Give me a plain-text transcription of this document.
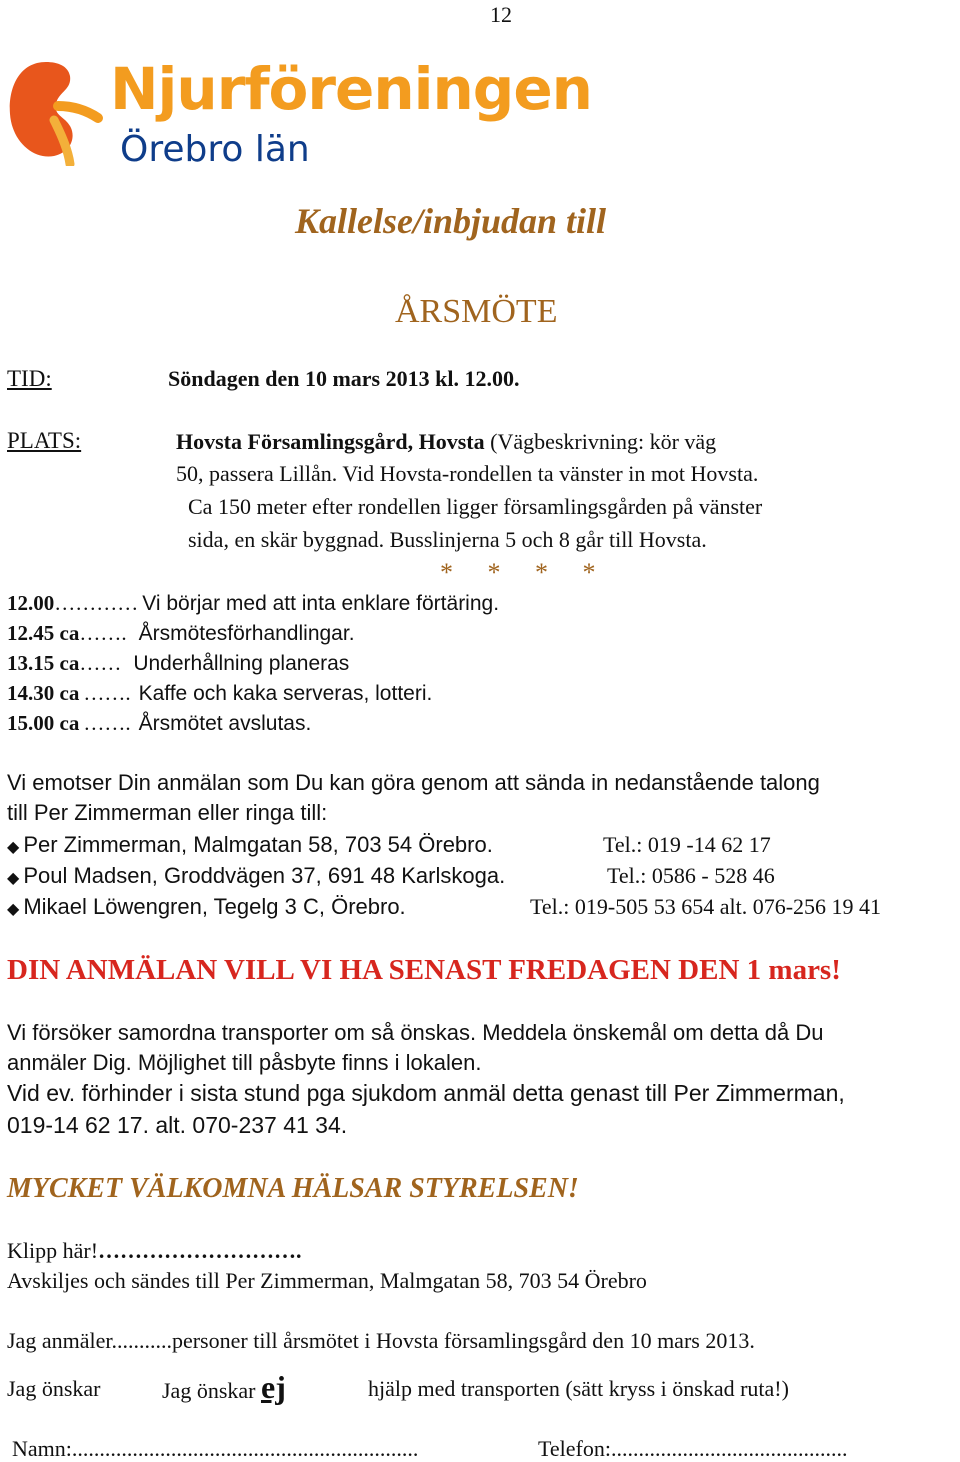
12
Njurföreningen
Örebro län
Kallelse/inbjudan till
ÅRSMÖTE
TID:	Söndagen den 10 mars 2013 kl. 12.00.
PLATS:	Hovsta Församlingsgård, Hovsta (Vägbeskrivning: kör väg
50, passera Lillån. Vid Hovsta-rondellen ta vänster in mot Hovsta.
Ca 150 meter efter rondellen ligger församlingsgården på vänster
sida, en skär byggnad. Busslinjerna 5 och 8 går till Hovsta.
* * * *
12.00………… Vi börjar med att inta enklare förtäring.
12.45 ca……. Årsmötesförhandlingar.
13.15 ca…… Underhållning planeras
14.30 ca ……. Kaffe och kaka serveras, lotteri.
15.00 ca ……. Årsmötet avslutas.
Vi emotser Din anmälan som Du kan göra genom att sända in nedanstående talong
till Per Zimmerman eller ringa till:
◆ Per Zimmerman, Malmgatan 58, 703 54 Örebro.	Tel.: 019 -14 62 17
◆ Poul Madsen, Groddvägen 37, 691 48 Karlskoga.	Tel.: 0586 - 528 46
◆ Mikael Löwengren, Tegelg 3 C, Örebro.	Tel.: 019-505 53 654 alt. 076-256 19 41
DIN ANMÄLAN VILL VI HA SENAST FREDAGEN DEN 1 mars!
Vi försöker samordna transporter om så önskas. Meddela önskemål om detta då Du
anmäler Dig. Möjlighet till påsbyte finns i lokalen.
Vid ev. förhinder i sista stund pga sjukdom anmäl detta genast till Per Zimmerman,
019-14 62 17. alt. 070-237 41 34.
MYCKET VÄLKOMNA HÄLSAR STYRELSEN!
Klipp här!……………………….
Avskiljes och sändes till Per Zimmerman, Malmgatan 58, 703 54 Örebro
Jag anmäler...........personer till årsmötet i Hovsta församlingsgård den 10 mars 2013.
Jag önskar	Jag önskar ej	hjälp med transporten (sätt kryss i önskad ruta!)
Namn:...............................................................	Telefon:...........................................
